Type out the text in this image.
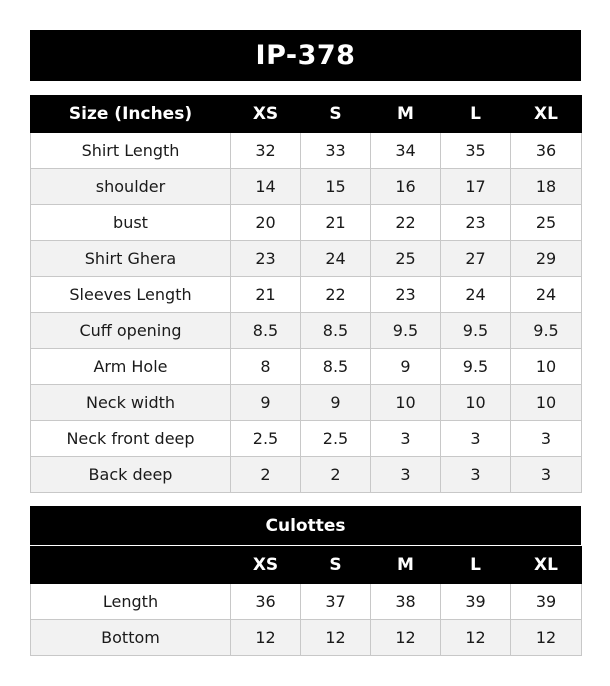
IP-378
Size (Inches)	XS	S	M	L	XL
Shirt Length	32	33	34	35	36
shoulder	14	15	16	17	18
bust	20	21	22	23	25
Shirt Ghera	23	24	25	27	29
Sleeves Length	21	22	23	24	24
Cuff opening	8.5	8.5	9.5	9.5	9.5
Arm Hole	8	8.5	9	9.5	10
Neck width	9	9	10	10	10
Neck front deep	2.5	2.5	3	3	3
Back deep	2	2	3	3	3
Culottes
	XS	S	M	L	XL
Length	36	37	38	39	39
Bottom	12	12	12	12	12
